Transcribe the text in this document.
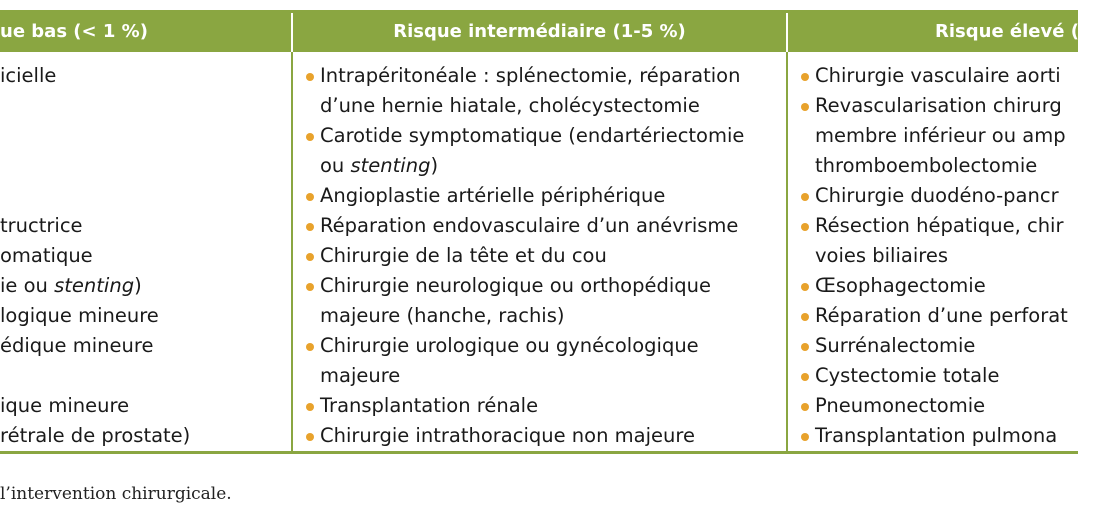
ue bas (< 1 %)	Risque intermédiaire (1-5 %)	Risque élevé (&
icielle

tructrice
omatique
ie ou stenting)
logique mineure
édique mineure

ique mineure
rétrale de prostate)
Intrapéritonéale : splénectomie, réparation
d’une hernie hiatale, cholécystectomie
Carotide symptomatique (endartériectomie
ou stenting)
Angioplastie artérielle périphérique
Réparation endovasculaire d’un anévrisme
Chirurgie de la tête et du cou
Chirurgie neurologique ou orthopédique
majeure (hanche, rachis)
Chirurgie urologique ou gynécologique
majeure
Transplantation rénale
Chirurgie intrathoracique non majeure
Chirurgie vasculaire aorti
Revascularisation chirurg
membre inférieur ou amp
thromboembolectomie
Chirurgie duodéno-pancr
Résection hépatique, chir
voies biliaires
Œsophagectomie
Réparation d’une perforat
Surrénalectomie
Cystectomie totale
Pneumonectomie
Transplantation pulmona
l’intervention chirurgicale.
